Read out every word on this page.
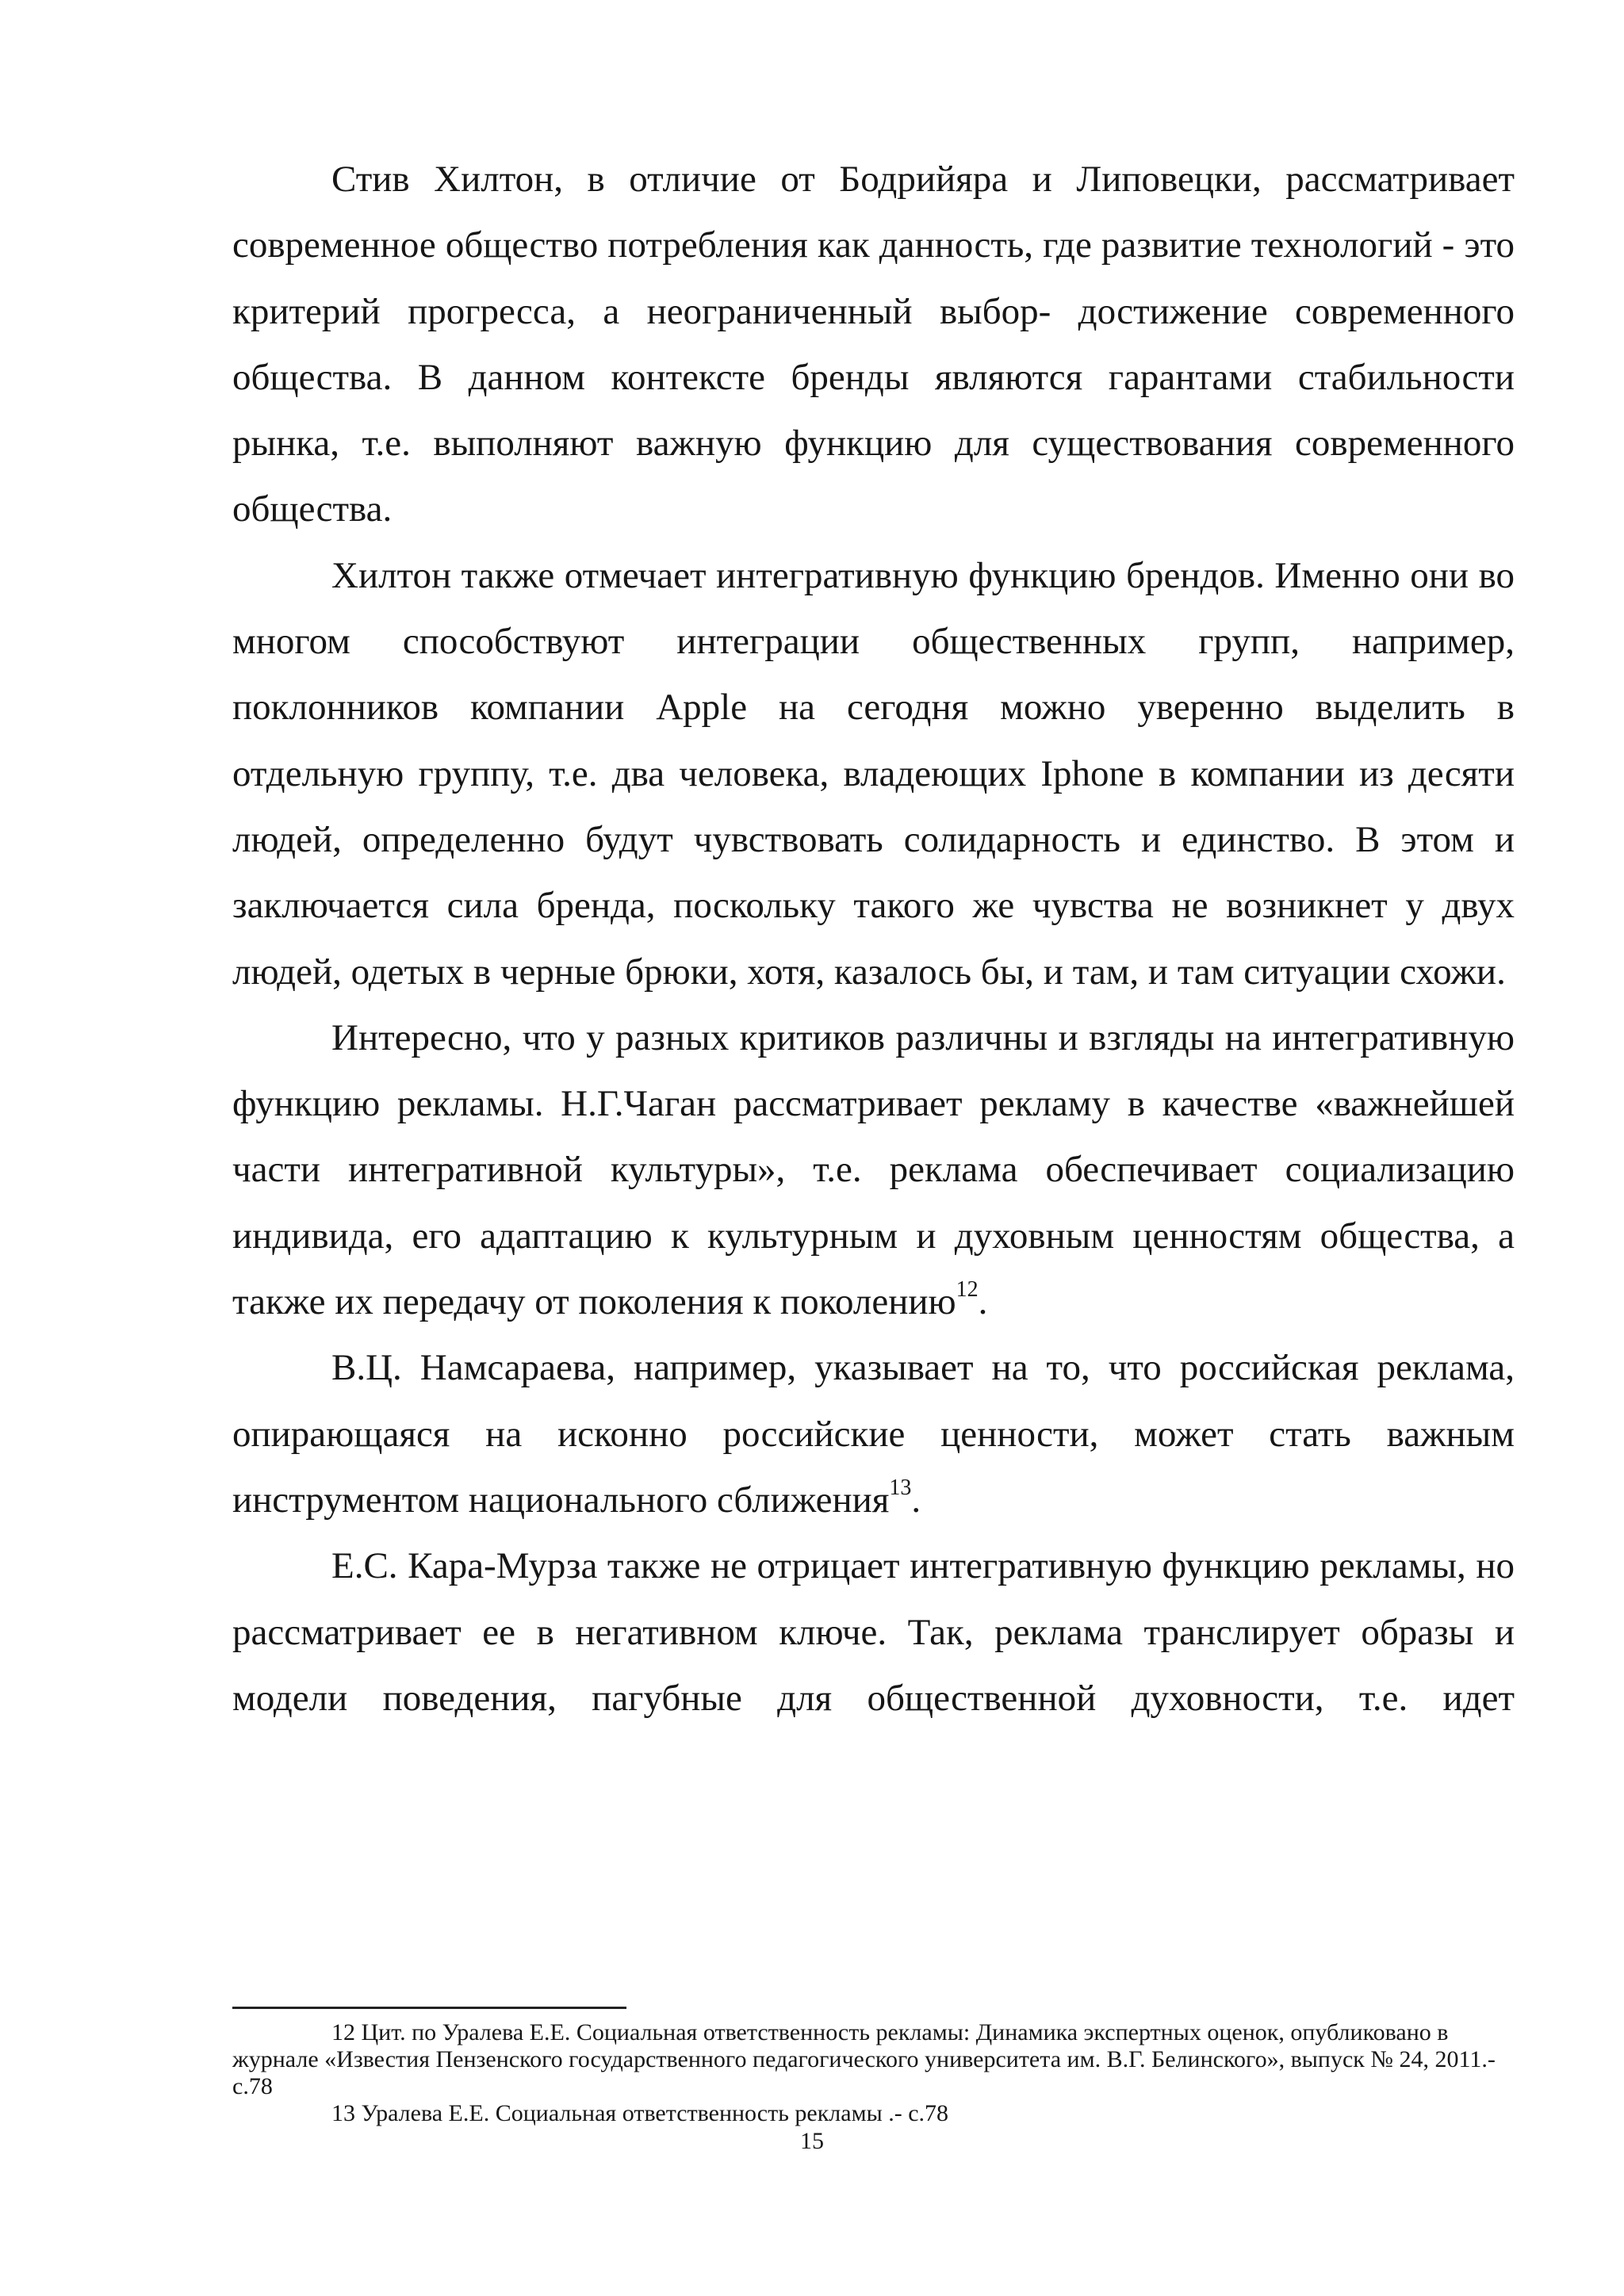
Стив Хилтон, в отличие от Бодрийяра и Липовецки, рассматривает современное общество потребления как данность, где развитие технологий - это критерий прогресса, а неограниченный выбор- достижение современного общества. В данном контексте бренды являются гарантами стабильности рынка, т.е. выполняют важную функцию для существования современного общества.

Хилтон также отмечает интегративную функцию брендов. Именно они во многом способствуют интеграции общественных групп, например, поклонников компании Apple на сегодня можно уверенно выделить в отдельную группу, т.е. два человека, владеющих Iphone в компании из десяти людей, определенно будут чувствовать солидарность и единство. В этом и заключается сила бренда, поскольку такого же чувства не возникнет у двух людей, одетых в черные брюки, хотя, казалось бы, и там, и там ситуации схожи.

Интересно, что у разных критиков различны и взгляды на интегративную функцию рекламы. Н.Г.Чаган рассматривает рекламу в качестве «важнейшей части интегративной культуры», т.е. реклама обеспечивает социализацию индивида, его адаптацию к культурным и духовным ценностям общества, а также их передачу от поколения к поколению$^{12}$.

В.Ц. Намсараева, например, указывает на то, что российская реклама, опирающаяся на исконно российские ценности, может стать важным инструментом национального сближения$^{13}$.

Е.С. Кара-Мурза также не отрицает интегративную функцию рекламы, но рассматривает ее в негативном ключе. Так, реклама транслирует образы и модели поведения, пагубные для общественной духовности, т.е. идет

12 Цит. по Уралева Е.Е. Социальная ответственность рекламы: Динамика экспертных оценок, опубликовано в журнале «Известия Пензенского государственного педагогического университета им. В.Г. Белинского», выпуск № 24, 2011.- с.78

13 Уралева Е.Е. Социальная ответственность рекламы .- с.78

15
